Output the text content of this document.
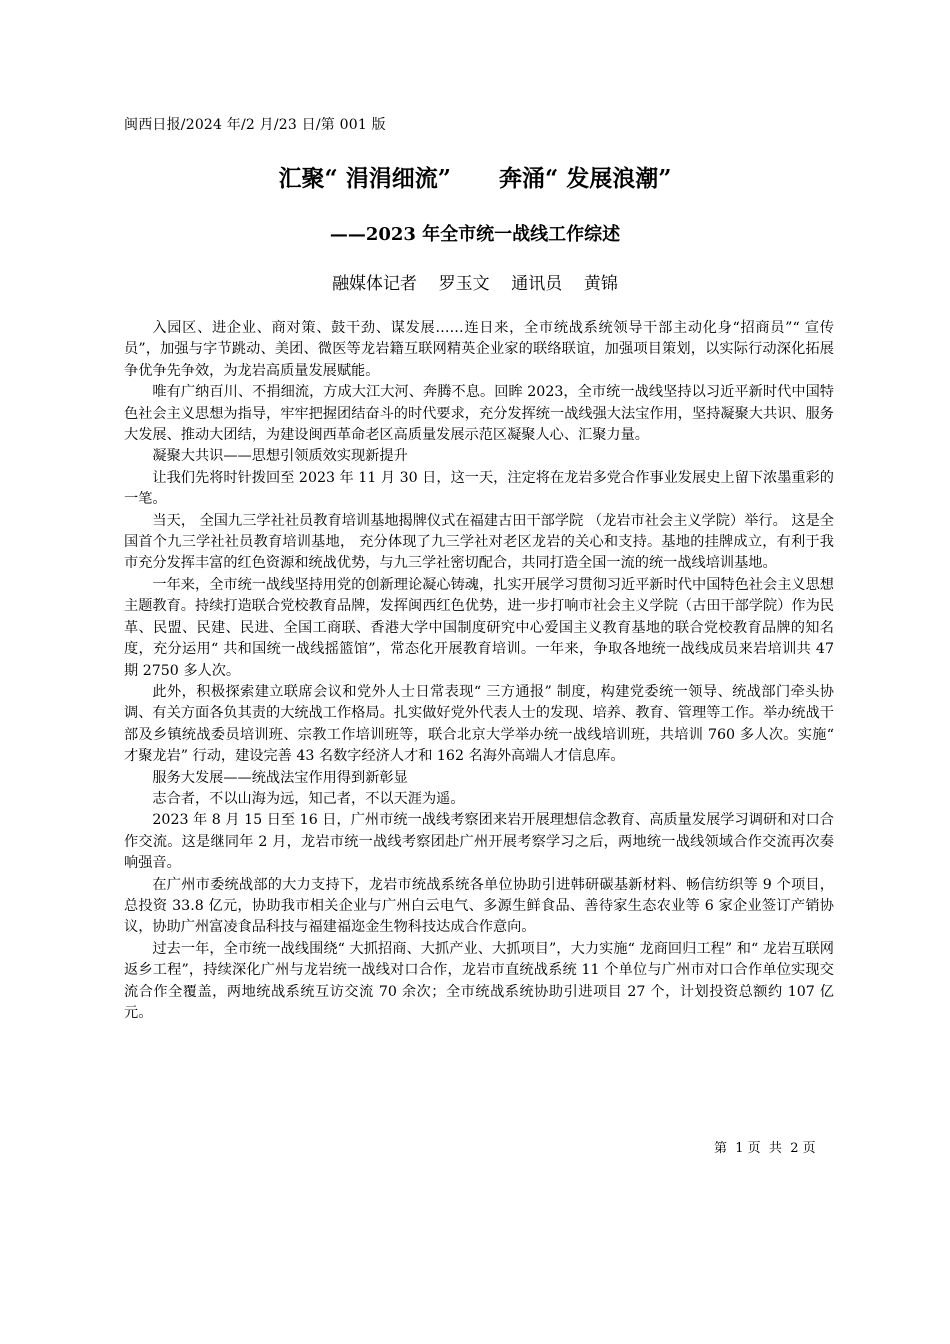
闽西日报/2024 年/2 月/23 日/第 001 版
汇聚“ 涓涓细流”      奔涌“ 发展浪潮”
——2023 年全市统一战线工作综述
融媒体记者    罗玉文    通讯员    黄锦

入园区、进企业、商对策、鼓干劲、谋发展……连日来，全市统战系统领导干部主动化身“招商员”“ 宣传员”，加强与字节跳动、美团、微医等龙岩籍互联网精英企业家的联络联谊，加强项目策划，以实际行动深化拓展争优争先争效，为龙岩高质量发展赋能。

唯有广纳百川、不捐细流，方成大江大河、奔腾不息。回眸 2023，全市统一战线坚持以习近平新时代中国特色社会主义思想为指导，牢牢把握团结奋斗的时代要求，充分发挥统一战线强大法宝作用，坚持凝聚大共识、服务大发展、推动大团结，为建设闽西革命老区高质量发展示范区凝聚人心、汇聚力量。

凝聚大共识——思想引领质效实现新提升

让我们先将时针拨回至 2023 年 11 月 30 日，这一天，注定将在龙岩多党合作事业发展史上留下浓墨重彩的一笔。

当天， 全国九三学社社员教育培训基地揭牌仪式在福建古田干部学院 （龙岩市社会主义学院）举行。 这是全国首个九三学社社员教育培训基地， 充分体现了九三学社对老区龙岩的关心和支持。基地的挂牌成立，有利于我市充分发挥丰富的红色资源和统战优势，与九三学社密切配合，共同打造全国一流的统一战线培训基地。

一年来，全市统一战线坚持用党的创新理论凝心铸魂，扎实开展学习贯彻习近平新时代中国特色社会主义思想主题教育。持续打造联合党校教育品牌，发挥闽西红色优势，进一步打响市社会主义学院（古田干部学院）作为民革、民盟、民建、民进、全国工商联、香港大学中国制度研究中心爱国主义教育基地的联合党校教育品牌的知名度，充分运用“ 共和国统一战线摇篮馆”，常态化开展教育培训。一年来，争取各地统一战线成员来岩培训共 47 期 2750 多人次。

此外，积极探索建立联席会议和党外人士日常表现“ 三方通报” 制度，构建党委统一领导、统战部门牵头协调、有关方面各负其责的大统战工作格局。扎实做好党外代表人士的发现、培养、教育、管理等工作。举办统战干部及乡镇统战委员培训班、宗教工作培训班等，联合北京大学举办统一战线培训班，共培训 760 多人次。实施“ 才聚龙岩” 行动，建设完善 43 名数字经济人才和 162 名海外高端人才信息库。

服务大发展——统战法宝作用得到新彰显

志合者，不以山海为远，知己者，不以天涯为遥。

2023 年 8 月 15 日至 16 日，广州市统一战线考察团来岩开展理想信念教育、高质量发展学习调研和对口合作交流。这是继同年 2 月，龙岩市统一战线考察团赴广州开展考察学习之后，两地统一战线领域合作交流再次奏响强音。

在广州市委统战部的大力支持下，龙岩市统战系统各单位协助引进韩研碳基新材料、畅信纺织等 9 个项目，总投资 33.8 亿元，协助我市相关企业与广州白云电气、多源生鲜食品、善待家生态农业等 6 家企业签订产销协议，协助广州富凌食品科技与福建福迩金生物科技达成合作意向。

过去一年，全市统一战线围绕“ 大抓招商、大抓产业、大抓项目”，大力实施“ 龙商回归工程” 和“ 龙岩互联网返乡工程”，持续深化广州与龙岩统一战线对口合作，龙岩市直统战系统 11 个单位与广州市对口合作单位实现交流合作全覆盖，两地统战系统互访交流 70 余次；全市统战系统协助引进项目 27 个，计划投资总额约 107 亿元。

第  1 页  共  2 页
